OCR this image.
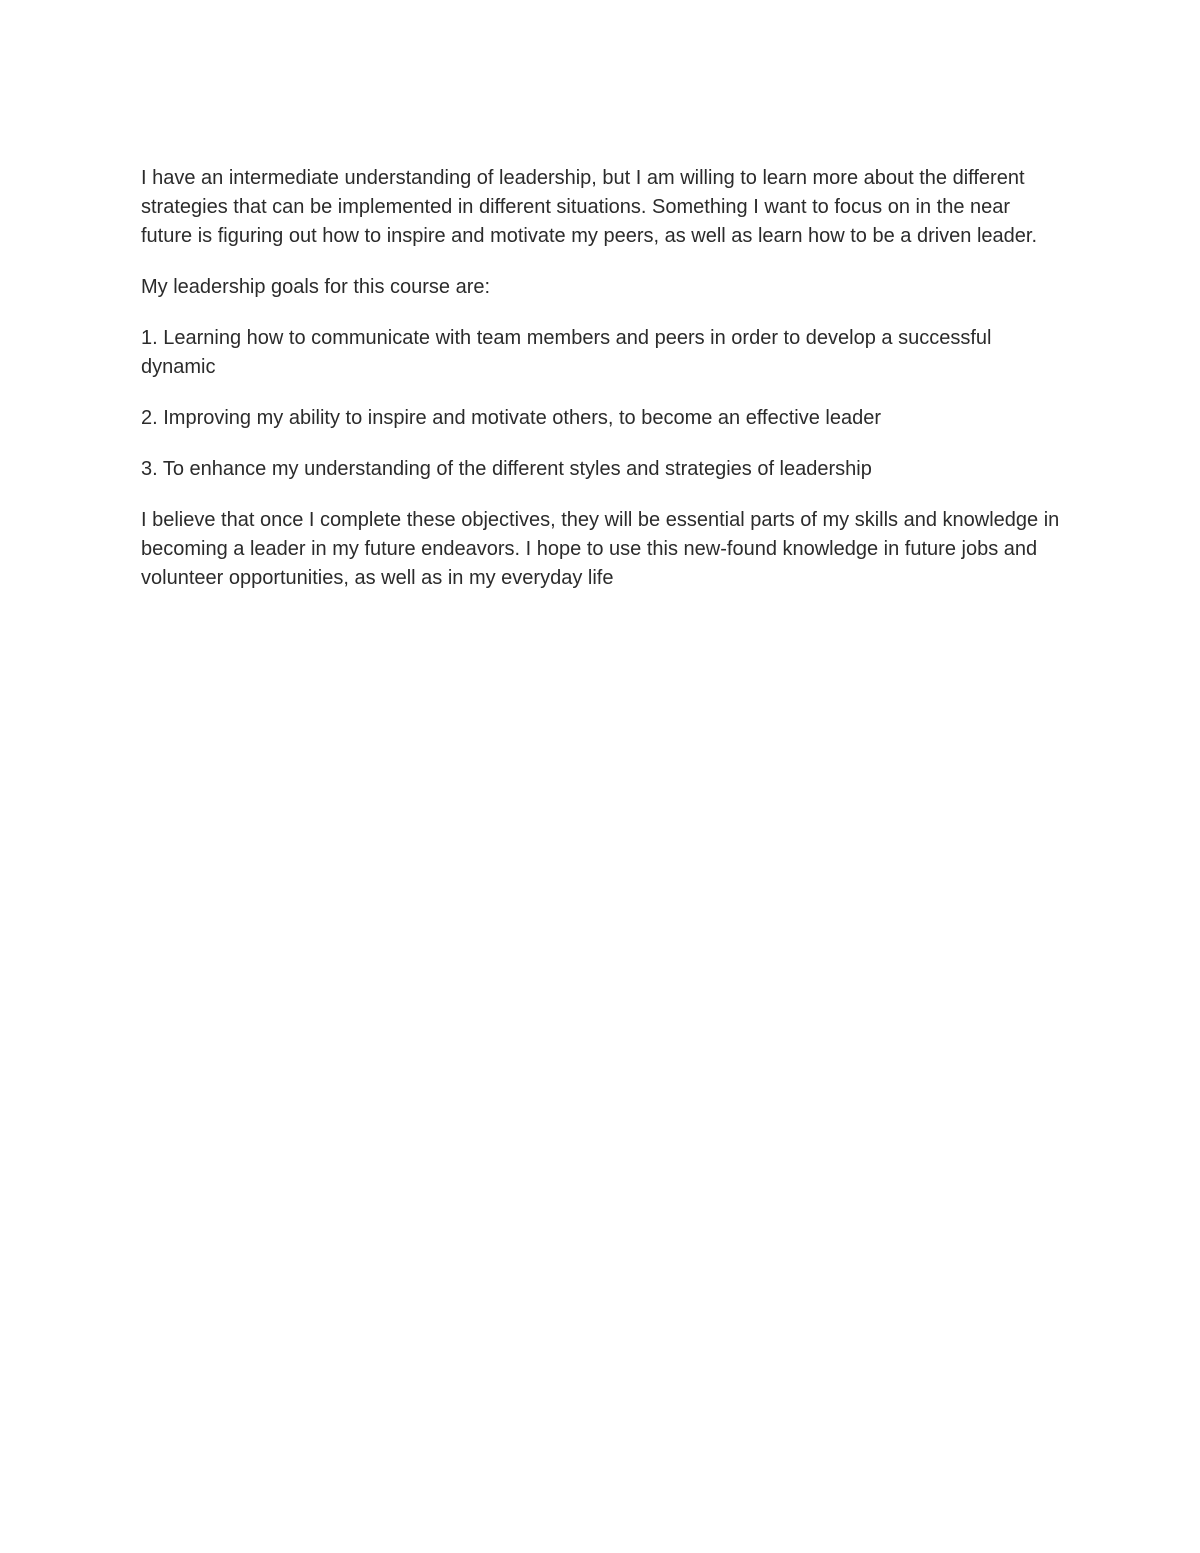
I have an intermediate understanding of leadership, but I am willing to learn more about the different strategies that can be implemented in different situations. Something I want to focus on in the near future is figuring out how to inspire and motivate my peers, as well as learn how to be a driven leader.

My leadership goals for this course are:

1. Learning how to communicate with team members and peers in order to develop a successful dynamic

2. Improving my ability to inspire and motivate others, to become an effective leader

3. To enhance my understanding of the different styles and strategies of leadership

I believe that once I complete these objectives, they will be essential parts of my skills and knowledge in becoming a leader in my future endeavors. I hope to use this new-found knowledge in future jobs and volunteer opportunities, as well as in my everyday life
